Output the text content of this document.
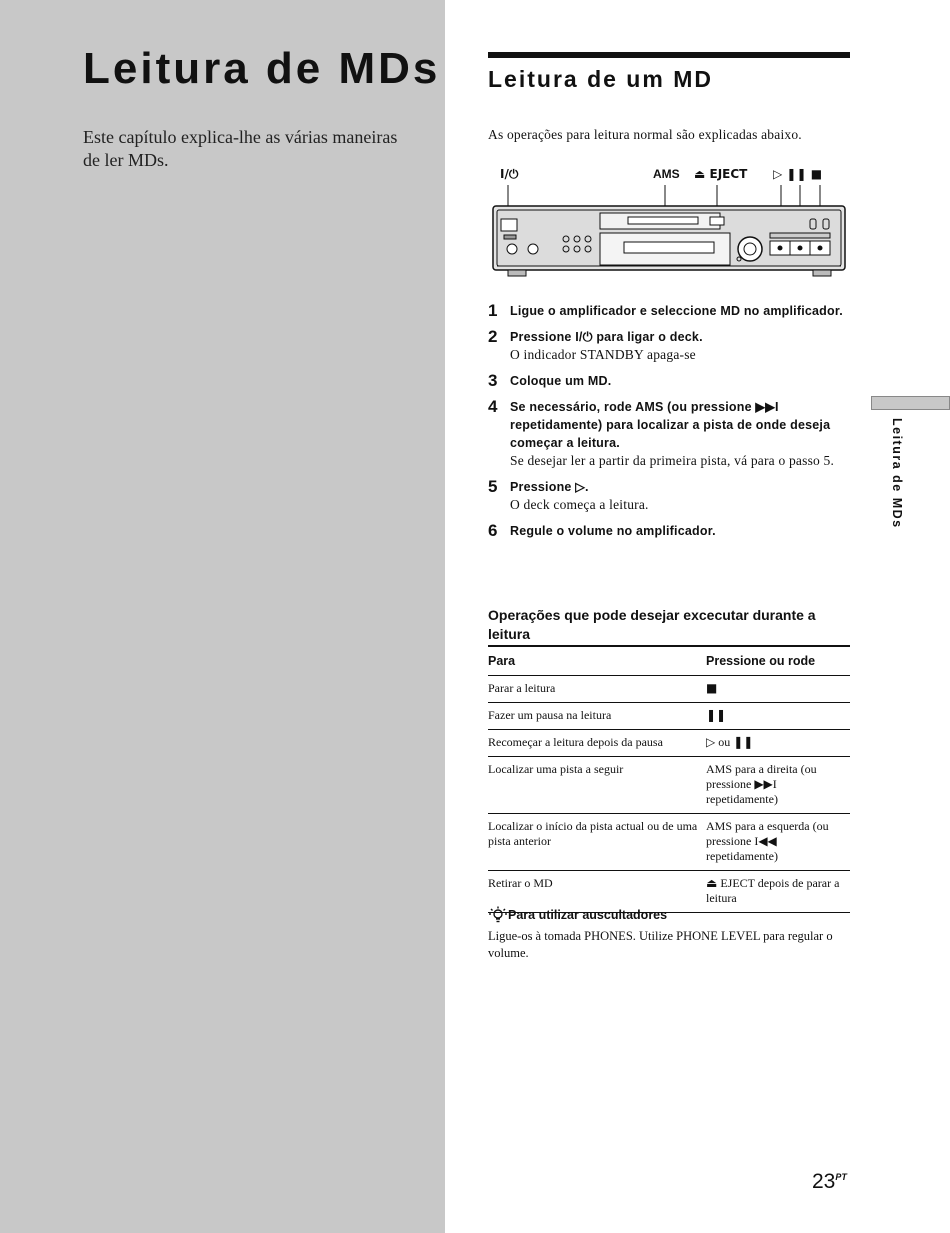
Leitura de MDs

Este capítulo explica-lhe as várias maneiras de ler MDs.

Leitura de um MD

As operações para leitura normal são explicadas abaixo.

I/⏻	AMS ⏏ EJECT ▷ ❚❚ ■
1	Ligue o amplificador e seleccione MD no amplificador.
2	Pressione I/⏻ para ligar o deck.
O indicador STANDBY apaga-se
3	Coloque um MD.
4	Se necessário, rode AMS (ou pressione ▶▶I repetidamente) para localizar a pista de onde deseja começar a leitura.
Se desejar ler a partir da primeira pista, vá para o passo 5.
5	Pressione ▷.
O deck começa a leitura.
6	Regule o volume no amplificador.
Operações que pode desejar excecutar durante a leitura
Para	Pressione ou rode
Parar a leitura	■
Fazer um pausa na leitura	❚❚
Recomeçar a leitura depois da pausa	▷ ou ❚❚
Localizar uma pista a seguir	AMS para a direita (ou pressione ▶▶I repetidamente)
Localizar o início da pista actual ou de uma pista anterior	AMS para a esquerda (ou pressione I◀◀ repetidamente)
Retirar o MD	⏏ EJECT depois de parar a leitura
Para utilizar auscultadores

Ligue-os à tomada PHONES. Utilize PHONE LEVEL para regular o volume.

Leitura de MDs
$23^{PT}$
